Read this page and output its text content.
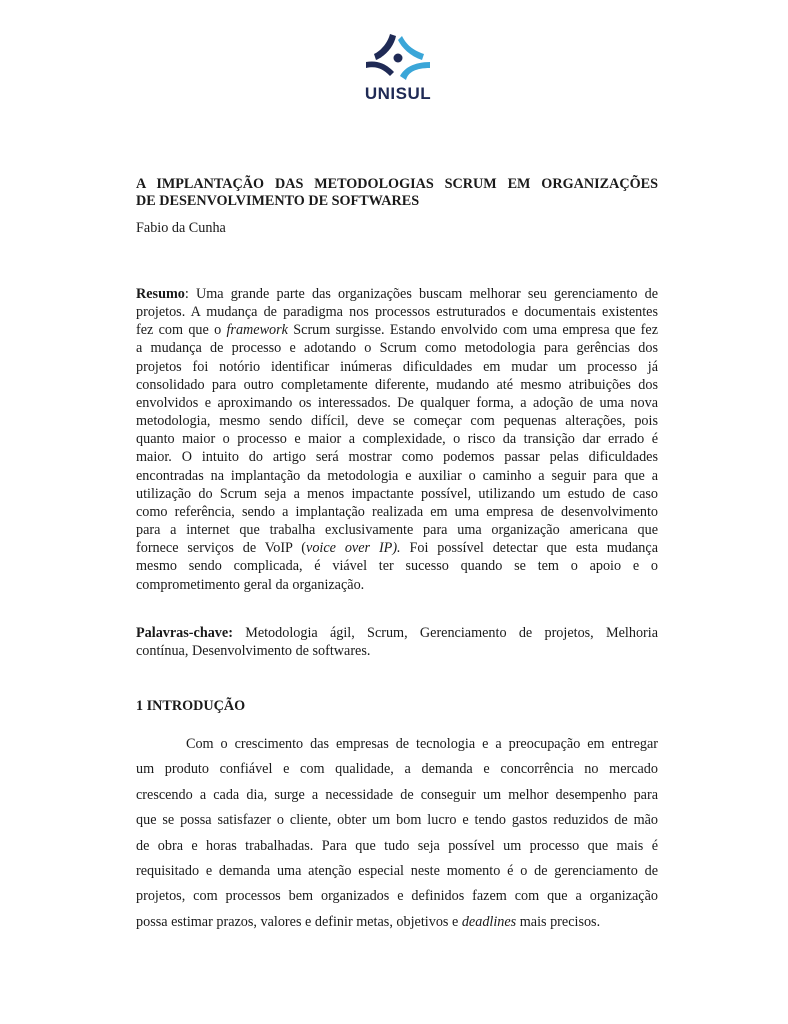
UNISUL
A IMPLANTAÇÃO DAS METODOLOGIAS SCRUM EM ORGANIZAÇÕES
DE DESENVOLVIMENTO DE SOFTWARES
Fabio da Cunha
Resumo: Uma grande parte das organizações buscam melhorar seu gerenciamento de
projetos. A mudança de paradigma nos processos estruturados e documentais existentes
fez com que o framework Scrum surgisse. Estando envolvido com uma empresa que fez
a mudança de processo e adotando o Scrum como metodologia para gerências dos
projetos foi notório identificar inúmeras dificuldades em mudar um processo já
consolidado para outro completamente diferente, mudando até mesmo atribuições dos
envolvidos e aproximando os interessados. De qualquer forma, a adoção de uma nova
metodologia, mesmo sendo difícil, deve se começar com pequenas alterações, pois
quanto maior o processo e maior a complexidade, o risco da transição dar errado é
maior. O intuito do artigo será mostrar como podemos passar pelas dificuldades
encontradas na implantação da metodologia e auxiliar o caminho a seguir para que a
utilização do Scrum seja a menos impactante possível, utilizando um estudo de caso
como referência, sendo a implantação realizada em uma empresa de desenvolvimento
para a internet que trabalha exclusivamente para uma organização americana que
fornece serviços de VoIP (voice over IP). Foi possível detectar que esta mudança
mesmo sendo complicada, é viável ter sucesso quando se tem o apoio e o
comprometimento geral da organização.
Palavras-chave: Metodologia ágil, Scrum, Gerenciamento de projetos, Melhoria
contínua, Desenvolvimento de softwares.
1 INTRODUÇÃO
Com o crescimento das empresas de tecnologia e a preocupação em entregar
um produto confiável e com qualidade, a demanda e concorrência no mercado
crescendo a cada dia, surge a necessidade de conseguir um melhor desempenho para
que se possa satisfazer o cliente, obter um bom lucro e tendo gastos reduzidos de mão
de obra e horas trabalhadas. Para que tudo seja possível um processo que mais é
requisitado e demanda uma atenção especial neste momento é o de gerenciamento de
projetos, com processos bem organizados e definidos fazem com que a organização
possa estimar prazos, valores e definir metas, objetivos e deadlines mais precisos.
